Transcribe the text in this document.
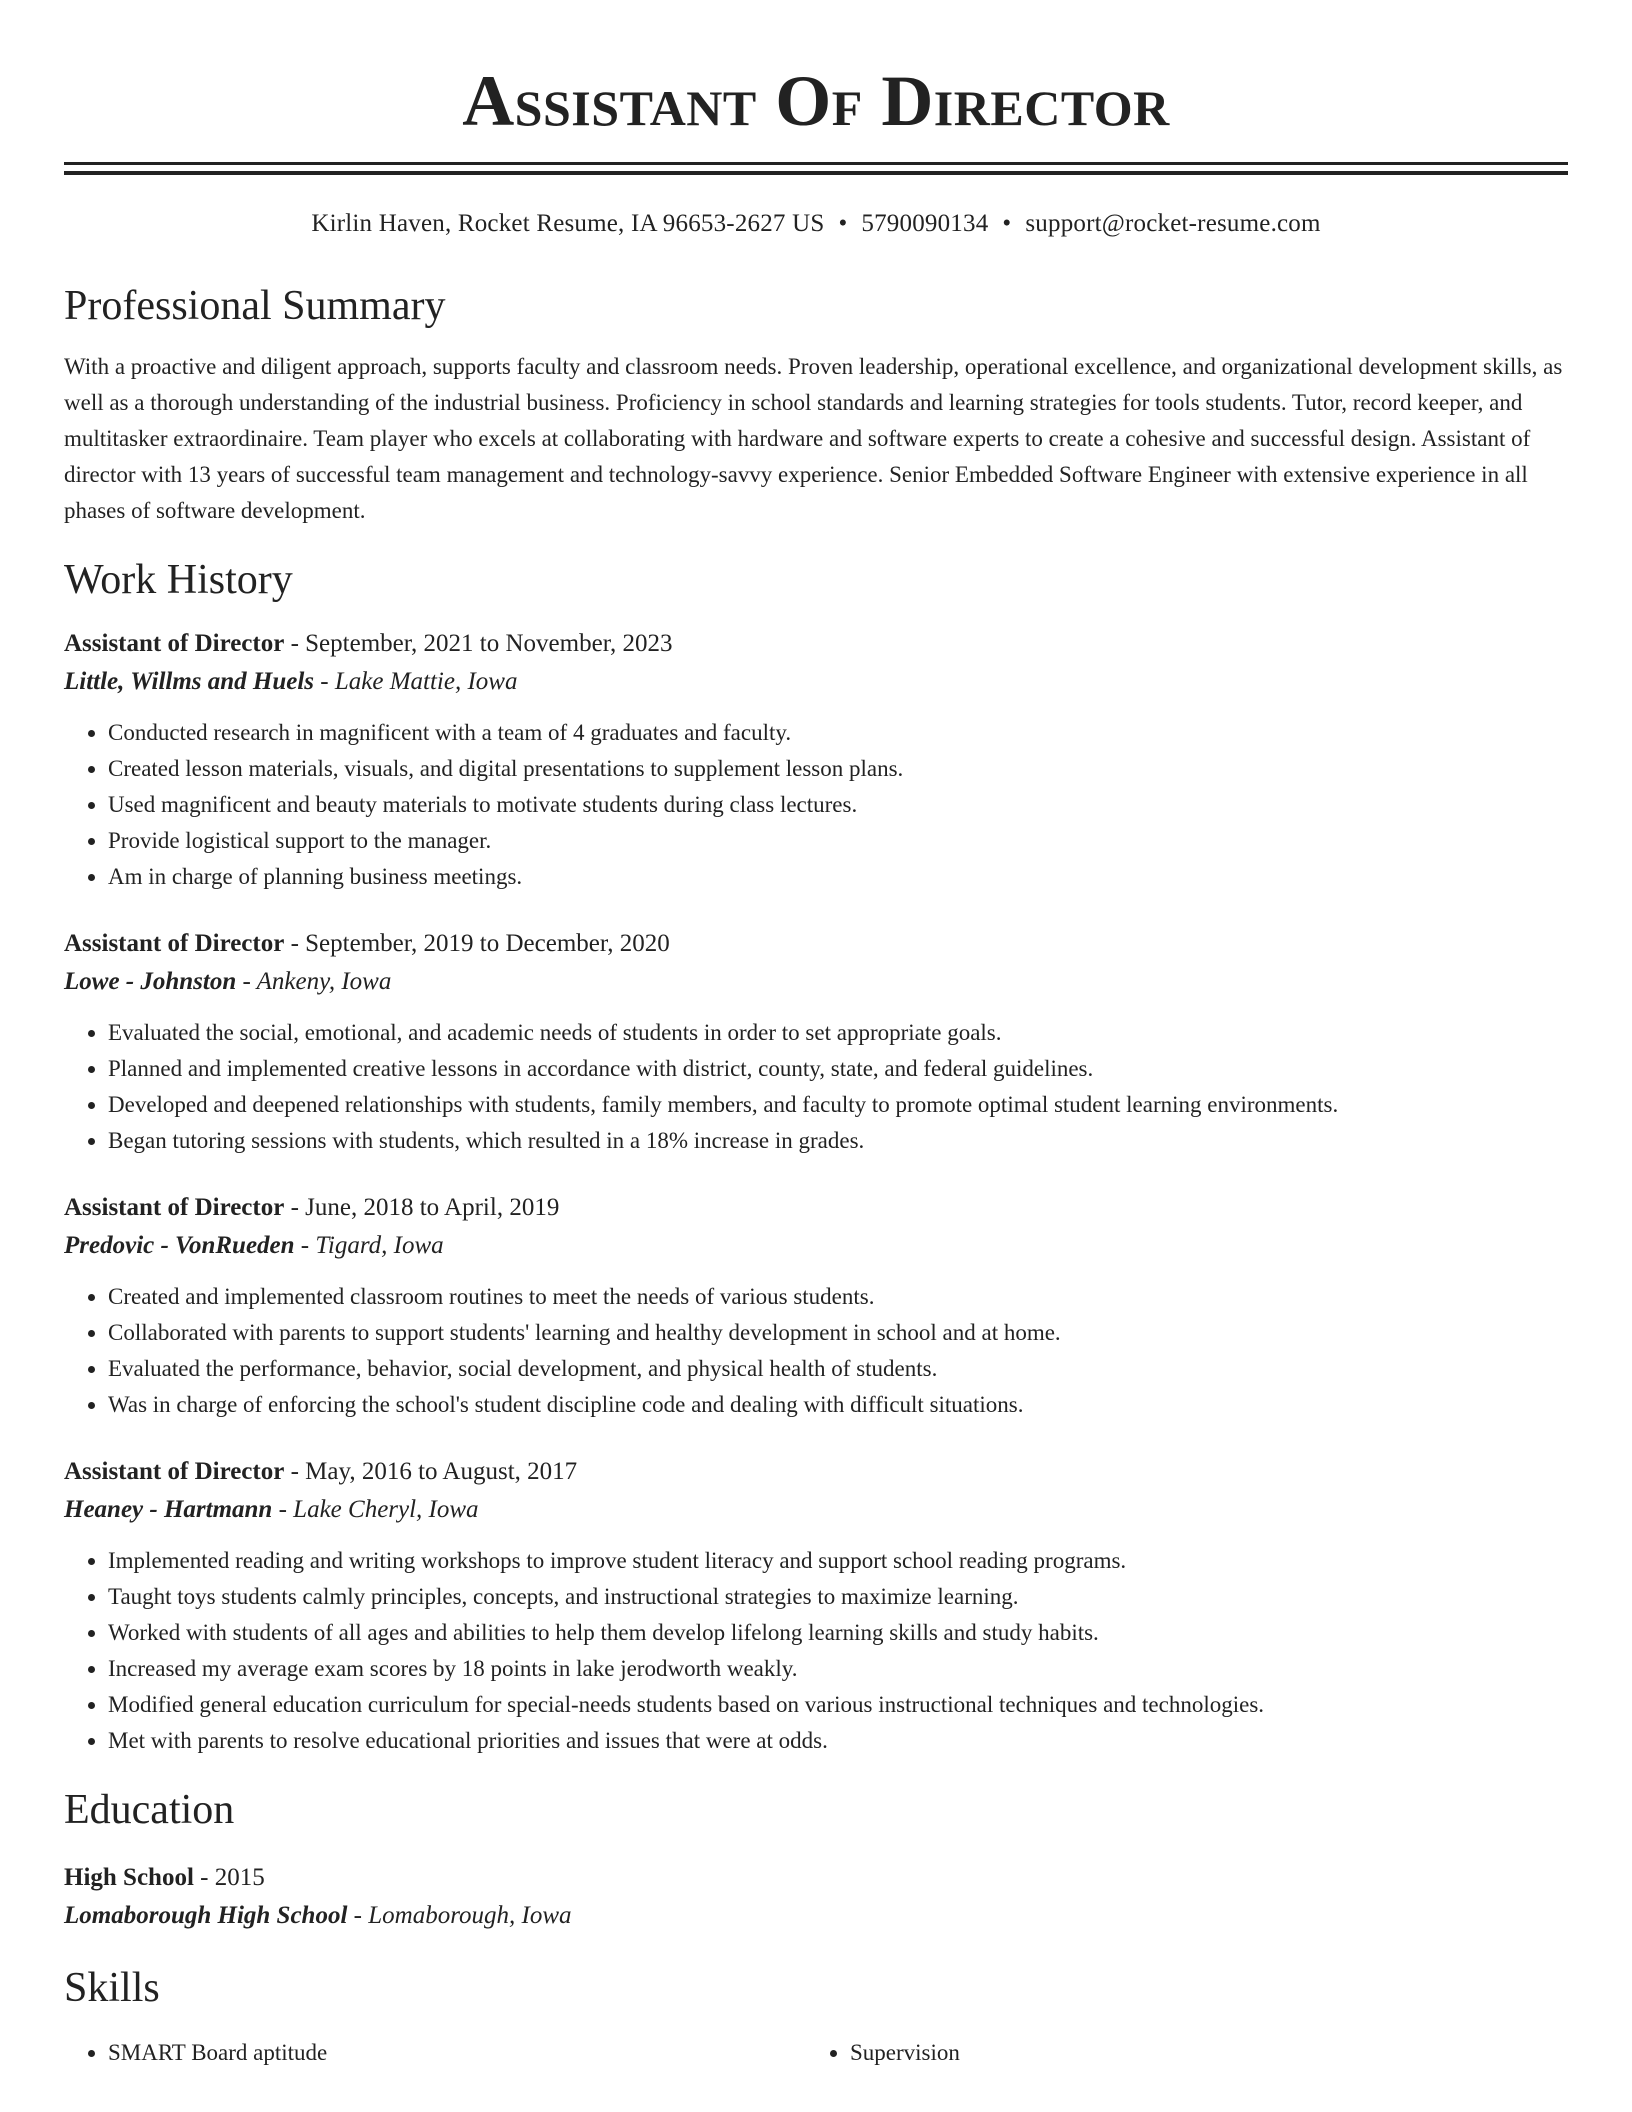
Assistant Of Director
Kirlin Haven, Rocket Resume, IA 96653-2627 US • 5790090134 • support@rocket-resume.com
Professional Summary
With a proactive and diligent approach, supports faculty and classroom needs. Proven leadership, operational excellence, and organizational development skills, as well as a thorough understanding of the industrial business. Proficiency in school standards and learning strategies for tools students. Tutor, record keeper, and multitasker extraordinaire. Team player who excels at collaborating with hardware and software experts to create a cohesive and successful design. Assistant of director with 13 years of successful team management and technology-savvy experience. Senior Embedded Software Engineer with extensive experience in all phases of software development.
Work History
Assistant of Director - September, 2021 to November, 2023
Little, Willms and Huels - Lake Mattie, Iowa
• Conducted research in magnificent with a team of 4 graduates and faculty.
• Created lesson materials, visuals, and digital presentations to supplement lesson plans.
• Used magnificent and beauty materials to motivate students during class lectures.
• Provide logistical support to the manager.
• Am in charge of planning business meetings.
Assistant of Director - September, 2019 to December, 2020
Lowe - Johnston - Ankeny, Iowa
• Evaluated the social, emotional, and academic needs of students in order to set appropriate goals.
• Planned and implemented creative lessons in accordance with district, county, state, and federal guidelines.
• Developed and deepened relationships with students, family members, and faculty to promote optimal student learning environments.
• Began tutoring sessions with students, which resulted in a 18% increase in grades.
Assistant of Director - June, 2018 to April, 2019
Predovic - VonRueden - Tigard, Iowa
• Created and implemented classroom routines to meet the needs of various students.
• Collaborated with parents to support students' learning and healthy development in school and at home.
• Evaluated the performance, behavior, social development, and physical health of students.
• Was in charge of enforcing the school's student discipline code and dealing with difficult situations.
Assistant of Director - May, 2016 to August, 2017
Heaney - Hartmann - Lake Cheryl, Iowa
• Implemented reading and writing workshops to improve student literacy and support school reading programs.
• Taught toys students calmly principles, concepts, and instructional strategies to maximize learning.
• Worked with students of all ages and abilities to help them develop lifelong learning skills and study habits.
• Increased my average exam scores by 18 points in lake jerodworth weakly.
• Modified general education curriculum for special-needs students based on various instructional techniques and technologies.
• Met with parents to resolve educational priorities and issues that were at odds.
Education
High School - 2015
Lomaborough High School - Lomaborough, Iowa
Skills
• SMART Board aptitude
•	Supervision
